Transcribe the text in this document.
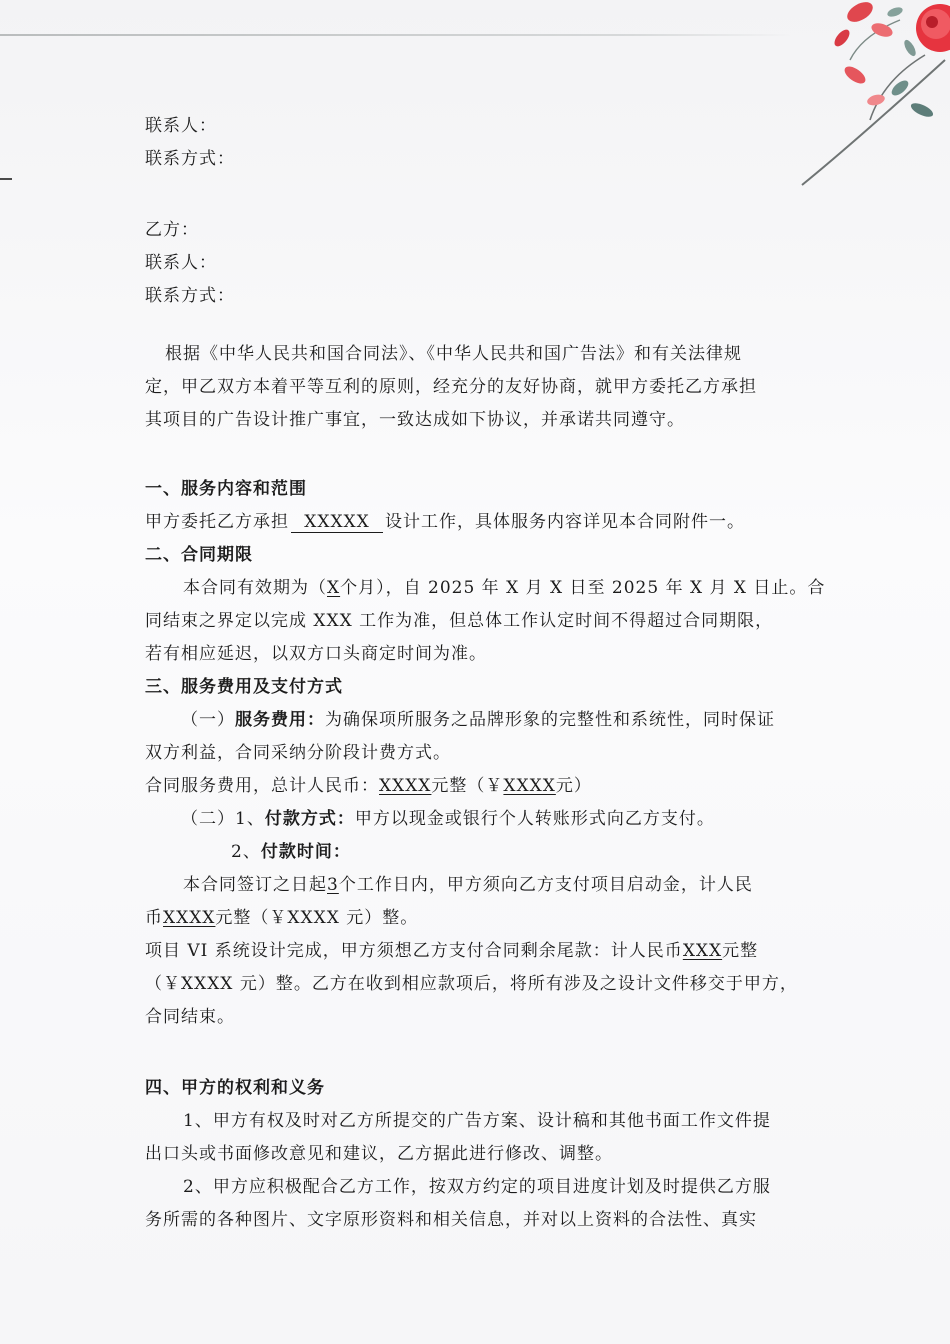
联系人：

联系方式：

乙方：

联系人：

联系方式：

根据《中华人民共和国合同法》、《中华人民共和国广告法》和有关法律规

定，甲乙双方本着平等互利的原则，经充分的友好协商，就甲方委托乙方承担

其项目的广告设计推广事宜，一致达成如下协议，并承诺共同遵守。

一、服务内容和范围

甲方委托乙方承担 XXXXX 设计工作，具体服务内容详见本合同附件一。

二、合同期限

本合同有效期为（X个月），自 2025 年 X 月 X 日至 2025 年 X 月 X 日止。合

同结束之界定以完成 XXX 工作为准，但总体工作认定时间不得超过合同期限，

若有相应延迟，以双方口头商定时间为准。

三、服务费用及支付方式

（一）服务费用：为确保项所服务之品牌形象的完整性和系统性，同时保证

双方利益，合同采纳分阶段计费方式。

合同服务费用，总计人民币：XXXX元整（￥XXXX元）

（二）1、付款方式：甲方以现金或银行个人转账形式向乙方支付。

2、付款时间：

本合同签订之日起3个工作日内，甲方须向乙方支付项目启动金，计人民

币XXXX元整（￥XXXX 元）整。

项目 VI 系统设计完成，甲方须想乙方支付合同剩余尾款：计人民币XXX元整

（￥XXXX 元）整。乙方在收到相应款项后，将所有涉及之设计文件移交于甲方，

合同结束。

四、甲方的权利和义务

1、甲方有权及时对乙方所提交的广告方案、设计稿和其他书面工作文件提

出口头或书面修改意见和建议，乙方据此进行修改、调整。

2、甲方应积极配合乙方工作，按双方约定的项目进度计划及时提供乙方服

务所需的各种图片、文字原形资料和相关信息，并对以上资料的合法性、真实
